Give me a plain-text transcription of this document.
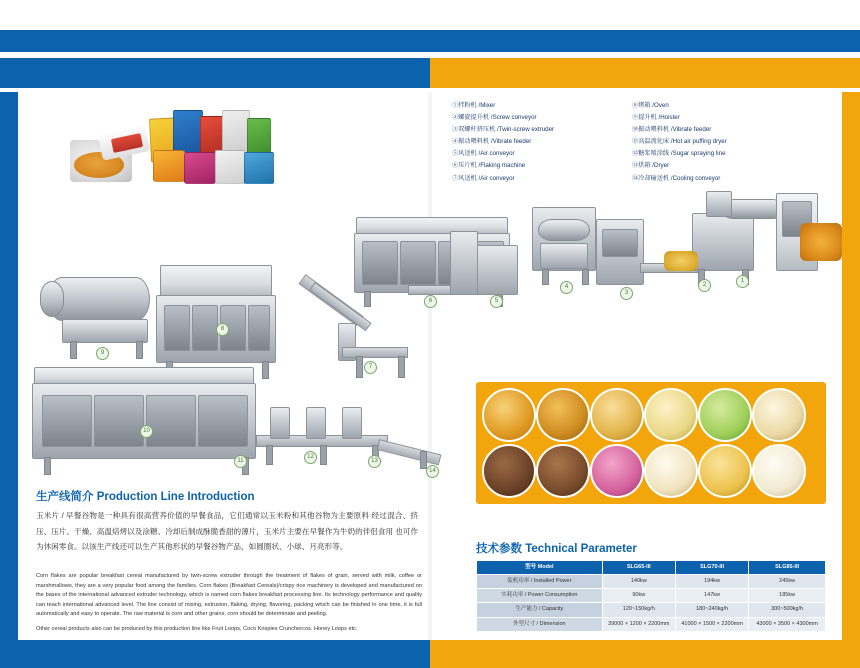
①拌粉机 /Mixer
②螺旋提升机 /Screw conveyor
③双螺杆挤压机 /Twin-screw extruder
④振动喂料机 /Vibrate feeder
⑤风送机 /Air conveyor
⑥压片机 /Flaking machine
⑦风送机 /Air conveyor
⑧烤箱 /Oven
⑨提升机 /Hoister
⑩振动喂料机 /Vibrate feeder
⑪高温流化床 /Hot air puffing dryer
⑫糖浆喷涂线 /Sugar spraying line
⑬烘箱 /Dryer
⑭冷却输送机 /Cooling conveyor
1
2
3
4
5
6
7
8
9
10
11
12
13
14
生产线简介 Production Line Introduction
玉米片 / 早餐谷物是一种具有很高营养价值的早餐食品，它们通常以玉米粉和其他谷物为主要原料 经过混合、挤压、压片、干燥、高温焙烤以及涂糖、冷却后制成酥脆香甜的薄片，玉米片主要在早餐作为牛奶的伴侣食用 也可作为休闲零食。以该生产线还可以生产其他形状的早餐谷物产品，如圆圈状、小球、月亮形等。

Corn flakes are popular breakfast cereal manufactured by twin-screw extruder through the treatment of flakes of grain, served with milk, coffee or marshmallows, they are a very popular food among the families. Corn flakes (Breakfast Cereals)/crispy rice machinery is developed and manufactured on the bases of the international advanced extruder technology, which is named corn flakes breakfast processing line. Its technology performance and quality can teach international advanced level. The line consist of mixing, extrusion, flaking, drying, flavoring, packing which can be finished in one time, it is full automatically and easy to operate. The raw material is corn and other grains, corn should be determinate and peeling.

Other cereal products also can be produced by this production line like Fruit Loops, Coco Krispies Crunchercos. Honey Loops etc.

技术参数 Technical Parameter
型号 Model	SLG65-III	SLG70-III	SLG85-III
装机功率 / Installed Power	140kw	194kw	245kw
实耗功率 / Power Consumption	90kw	147kw	185kw
生产能力 / Capacity	120~150kg/h	180~240kg/h	300~500kg/h
外型尺寸 / Dimension	39000 × 1200 × 2200mm	41000 × 1500 × 2200mm	43000 × 3500 × 4300mm
